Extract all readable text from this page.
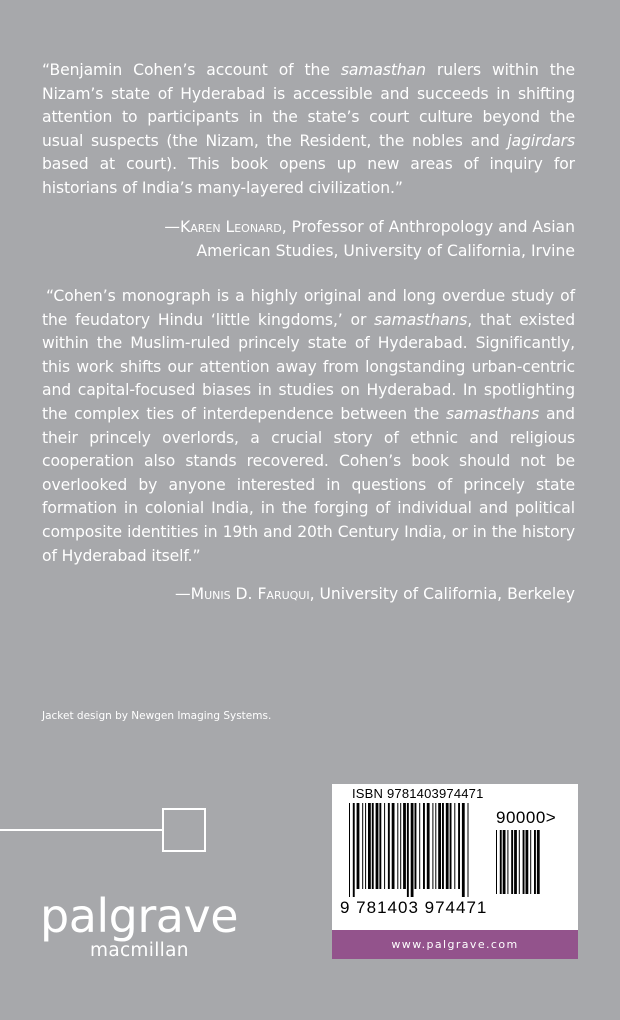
“Benjamin Cohen’s account of the samasthan rulers within the Nizam’s state of Hyderabad is accessible and succeeds in shifting attention to participants in the state’s court culture beyond the usual suspects (the Nizam, the Resident, the nobles and jagirdars based at court). This book opens up new areas of inquiry for historians of India’s many-layered civilization.”

—Karen Leonard, Professor of Anthropology and Asian
American Studies, University of California, Irvine

“Cohen’s monograph is a highly original and long overdue study of the feudatory Hindu ‘little kingdoms,’ or samasthans, that existed within the Muslim-ruled princely state of Hyderabad. Significantly, this work shifts our attention away from longstanding urban-centric and capital-focused biases in studies on Hyderabad. In spotlighting the complex ties of interdependence between the samasthans and their princely overlords, a crucial story of ethnic and religious cooperation also stands recovered. Cohen’s book should not be overlooked by anyone interested in questions of princely state formation in colonial India, in the forging of individual and political composite identities in 19th and 20th Century India, or in the history of Hyderabad itself.”

—Munis D. Faruqui, University of California, Berkeley
Jacket design by Newgen Imaging Systems.
palgrave
macmillan
ISBN 9781403974471
90000>
9 781403 974471
www.palgrave.com
